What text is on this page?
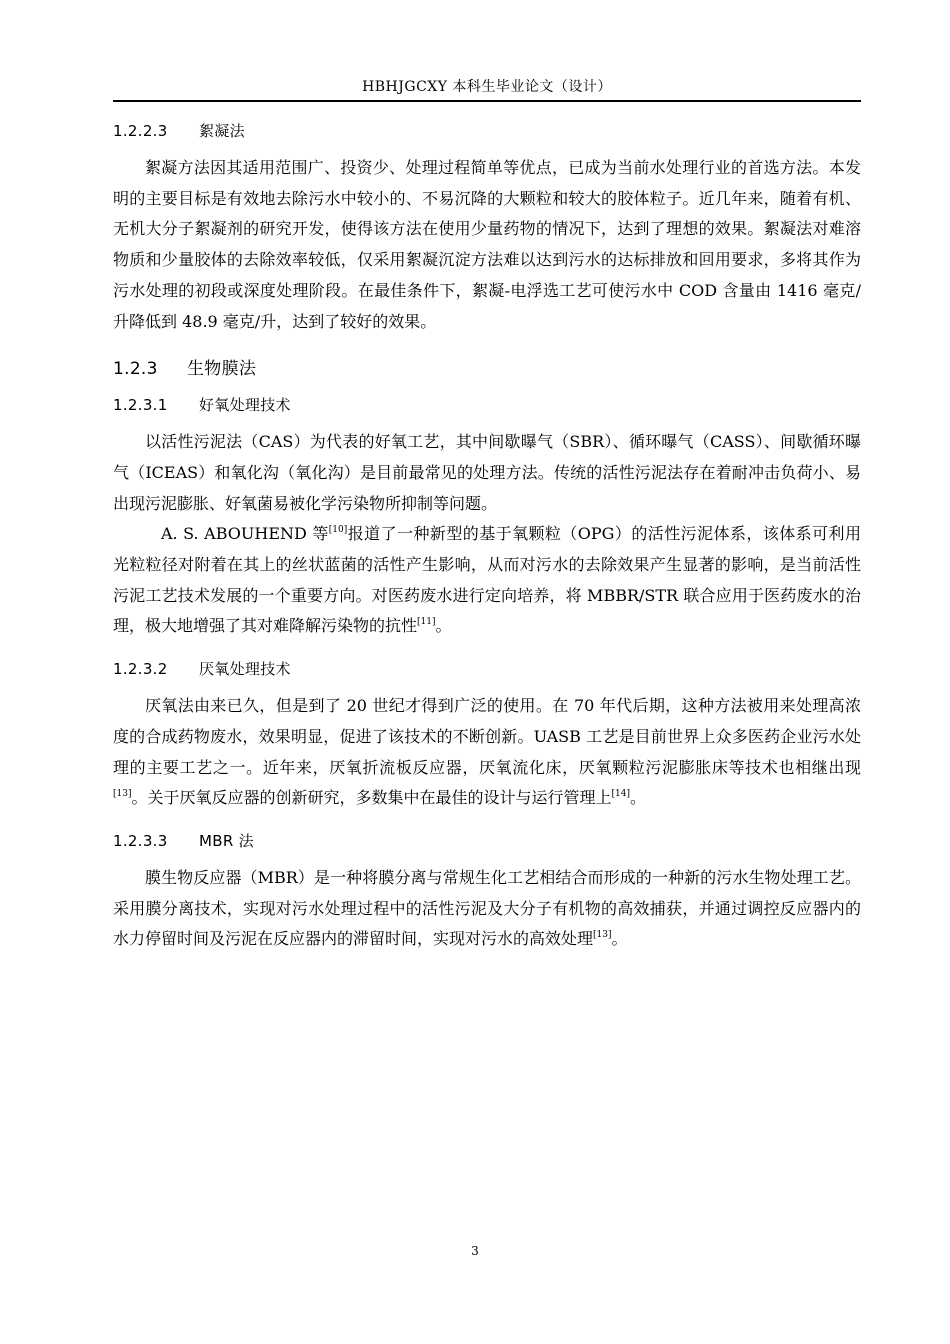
HBHJGCXY 本科生毕业论文（设计）
1.2.2.3 絮凝法

絮凝方法因其适用范围广、投资少、处理过程简单等优点，已成为当前水处理行业的首选方法。本发明的主要目标是有效地去除污水中较小的、不易沉降的大颗粒和较大的胶体粒子。近几年来，随着有机、无机大分子絮凝剂的研究开发，使得该方法在使用少量药物的情况下，达到了理想的效果。絮凝法对难溶物质和少量胶体的去除效率较低，仅采用絮凝沉淀方法难以达到污水的达标排放和回用要求，多将其作为污水处理的初段或深度处理阶段。在最佳条件下，絮凝-电浮选工艺可使污水中 COD 含量由 1416 毫克/升降低到 48.9 毫克/升，达到了较好的效果。

1.2.3 生物膜法
1.2.3.1 好氧处理技术

以活性污泥法（CAS）为代表的好氧工艺，其中间歇曝气（SBR）、循环曝气（CASS）、间歇循环曝气（ICEAS）和氧化沟（氧化沟）是目前最常见的处理方法。传统的活性污泥法存在着耐冲击负荷小、易出现污泥膨胀、好氧菌易被化学污染物所抑制等问题。

A. S. ABOUHEND 等[10]报道了一种新型的基于氧颗粒（OPG）的活性污泥体系，该体系可利用光粒粒径对附着在其上的丝状蓝菌的活性产生影响，从而对污水的去除效果产生显著的影响，是当前活性污泥工艺技术发展的一个重要方向。对医药废水进行定向培养，将 MBBR/STR 联合应用于医药废水的治理，极大地增强了其对难降解污染物的抗性[11]。

1.2.3.2 厌氧处理技术

厌氧法由来已久，但是到了 20 世纪才得到广泛的使用。在 70 年代后期，这种方法被用来处理高浓度的合成药物废水，效果明显，促进了该技术的不断创新。UASB 工艺是目前世界上众多医药企业污水处理的主要工艺之一。近年来，厌氧折流板反应器，厌氧流化床，厌氧颗粒污泥膨胀床等技术也相继出现[13]。关于厌氧反应器的创新研究，多数集中在最佳的设计与运行管理上[14]。

1.2.3.3 MBR 法

膜生物反应器（MBR）是一种将膜分离与常规生化工艺相结合而形成的一种新的污水生物处理工艺。采用膜分离技术，实现对污水处理过程中的活性污泥及大分子有机物的高效捕获，并通过调控反应器内的水力停留时间及污泥在反应器内的滞留时间，实现对污水的高效处理[13]。

3
